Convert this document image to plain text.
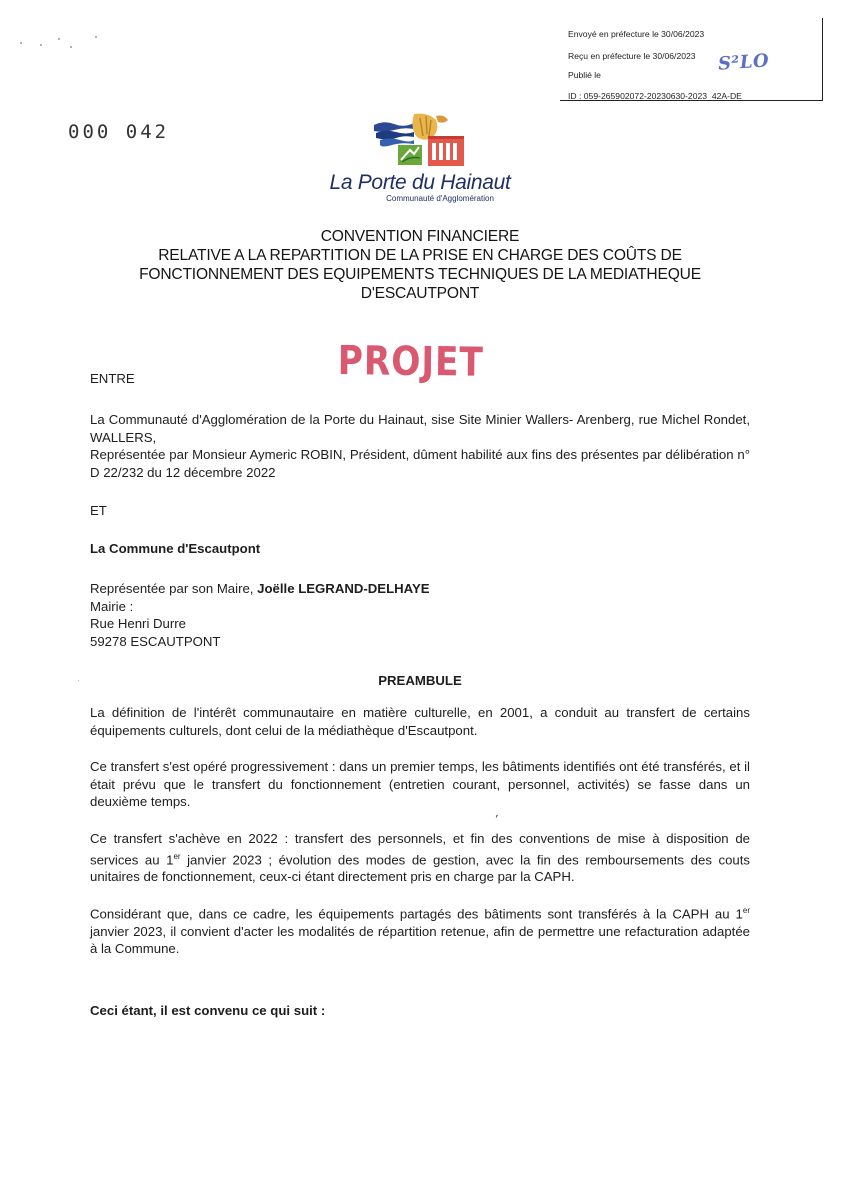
Envoyé en préfecture le 30/06/2023
Reçu en préfecture le 30/06/2023
Publié le
ID : 059-265902072-20230630-2023_42A-DE
S²LO
000 042
La Porte du Hainaut
Communauté d'Agglomération
CONVENTION FINANCIERE
RELATIVE A LA REPARTITION DE LA PRISE EN CHARGE DES COÛTS DE
FONCTIONNEMENT DES EQUIPEMENTS TECHNIQUES DE LA MEDIATHEQUE
D'ESCAUTPONT
PROJET
ENTRE
La Communauté d'Agglomération de la Porte du Hainaut, sise Site Minier Wallers- Arenberg, rue Michel Rondet, WALLERS,
Représentée par Monsieur Aymeric ROBIN, Président, dûment habilité aux fins des présentes par délibération n° D 22/232 du 12 décembre 2022
ET
La Commune d'Escautpont
Représentée par son Maire, Joëlle LEGRAND-DELHAYE
Mairie :
Rue Henri Durre
59278 ESCAUTPONT
PREAMBULE
La définition de l'intérêt communautaire en matière culturelle, en 2001, a conduit au transfert de certains équipements culturels, dont celui de la médiathèque d'Escautpont.
Ce transfert s'est opéré progressivement : dans un premier temps, les bâtiments identifiés ont été transférés, et il était prévu que le transfert du fonctionnement (entretien courant, personnel, activités) se fasse dans un deuxième temps.
′
Ce transfert s'achève en 2022 : transfert des personnels, et fin des conventions de mise à disposition de services au 1er janvier 2023 ; évolution des modes de gestion, avec la fin des remboursements des couts unitaires de fonctionnement, ceux-ci étant directement pris en charge par la CAPH.
Considérant que, dans ce cadre, les équipements partagés des bâtiments sont transférés à la CAPH au 1er janvier 2023, il convient d'acter les modalités de répartition retenue, afin de permettre une refacturation adaptée à la Commune.
Ceci étant, il est convenu ce qui suit :
